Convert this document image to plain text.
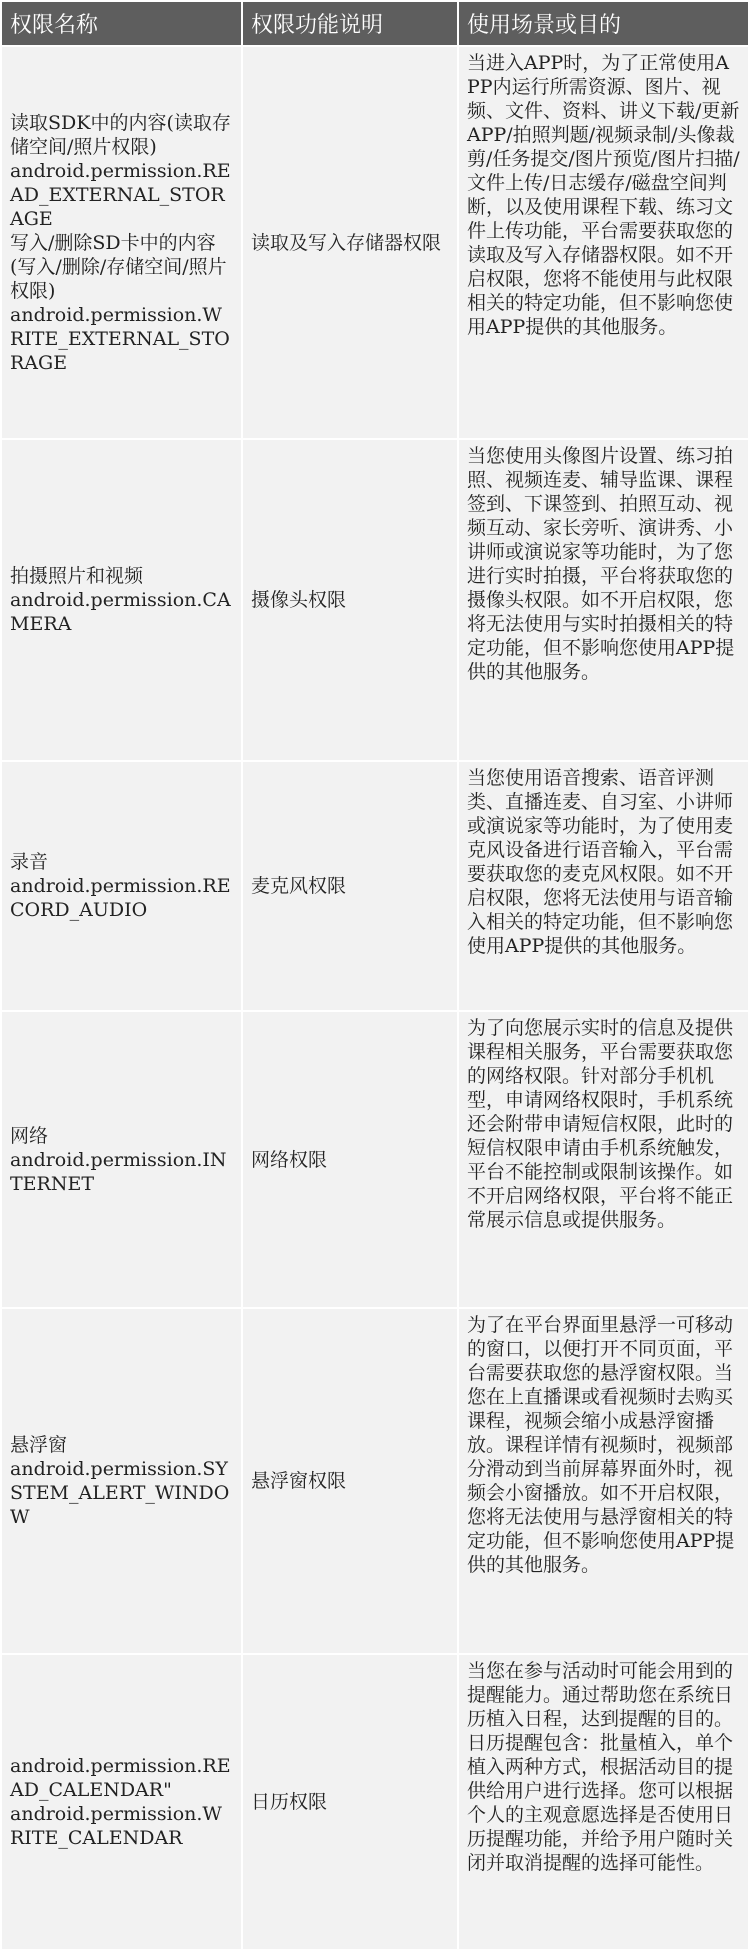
权限名称	权限功能说明	使用场景或目的

读取SDK中的内容(读取存储空间/照片权限)
android.permission.READ_EXTERNAL_STORAGE
写入/删除SD卡中的内容(写入/删除/存储空间/照片权限)
android.permission.WRITE_EXTERNAL_STORAGE	读取及写入存储器权限	当进入APP时，为了正常使用APP内运行所需资源、图片、视频、文件、资料、讲义下载/更新APP/拍照判题/视频录制/头像裁剪/任务提交/图片预览/图片扫描/文件上传/日志缓存/磁盘空间判断，以及使用课程下载、练习文件上传功能，平台需要获取您的读取及写入存储器权限。如不开启权限，您将不能使用与此权限相关的特定功能，但不影响您使用APP提供的其他服务。

拍摄照片和视频
android.permission.CAMERA	摄像头权限	当您使用头像图片设置、练习拍照、视频连麦、辅导监课、课程签到、下课签到、拍照互动、视频互动、家长旁听、演讲秀、小讲师或演说家等功能时，为了您进行实时拍摄，平台将获取您的摄像头权限。如不开启权限，您将无法使用与实时拍摄相关的特定功能，但不影响您使用APP提供的其他服务。

录音
android.permission.RECORD_AUDIO	麦克风权限	当您使用语音搜索、语音评测类、直播连麦、自习室、小讲师或演说家等功能时，为了使用麦克风设备进行语音输入，平台需要获取您的麦克风权限。如不开启权限，您将无法使用与语音输入相关的特定功能，但不影响您使用APP提供的其他服务。

网络
android.permission.INTERNET	网络权限	为了向您展示实时的信息及提供课程相关服务，平台需要获取您的网络权限。针对部分手机机型，申请网络权限时，手机系统还会附带申请短信权限，此时的短信权限申请由手机系统触发，平台不能控制或限制该操作。如不开启网络权限，平台将不能正常展示信息或提供服务。

悬浮窗
android.permission.SYSTEM_ALERT_WINDOW	悬浮窗权限	为了在平台界面里悬浮一可移动的窗口，以便打开不同页面，平台需要获取您的悬浮窗权限。当您在上直播课或看视频时去购买课程，视频会缩小成悬浮窗播放。课程详情有视频时，视频部分滑动到当前屏幕界面外时，视频会小窗播放。如不开启权限，您将无法使用与悬浮窗相关的特定功能，但不影响您使用APP提供的其他服务。

android.permission.READ_CALENDAR"
android.permission.WRITE_CALENDAR	日历权限	当您在参与活动时可能会用到的提醒能力。通过帮助您在系统日历植入日程，达到提醒的目的。日历提醒包含：批量植入，单个植入两种方式，根据活动目的提供给用户进行选择。您可以根据个人的主观意愿选择是否使用日历提醒功能，并给予用户随时关闭并取消提醒的选择可能性。
